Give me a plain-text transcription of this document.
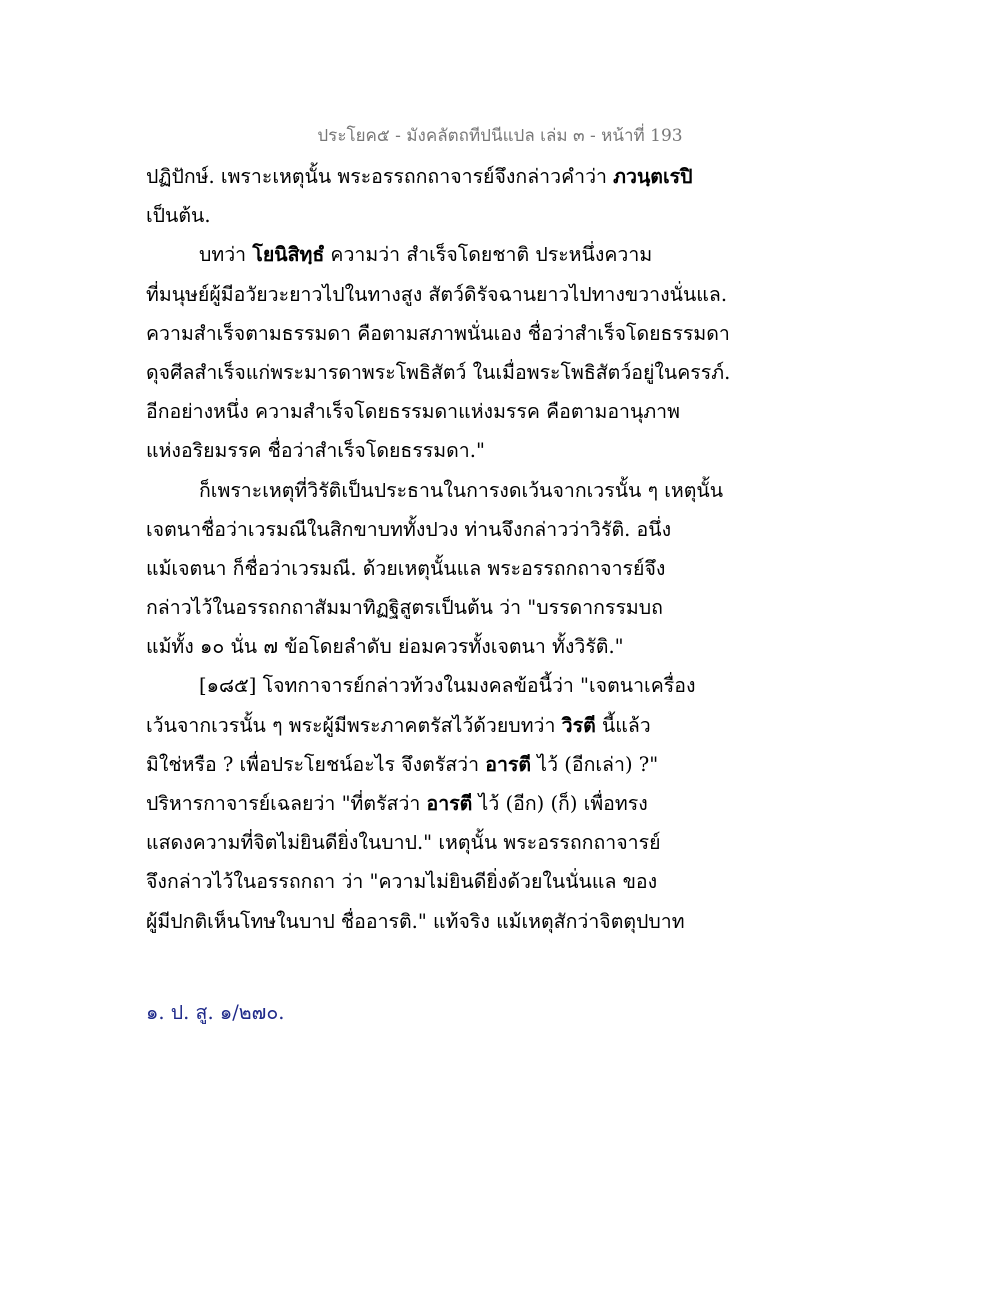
ประโยค๕ - มังคลัตถทีปนีแปล เล่ม ๓ - หน้าที่ 193
ปฏิปักษ์. เพราะเหตุนั้น พระอรรถกถาจารย์จึงกล่าวคำว่า ภวนฺตเรปิ
เป็นต้น.
บทว่า โยนิสิทฺธํ ความว่า สำเร็จโดยชาติ ประหนึ่งความ
ที่มนุษย์ผู้มีอวัยวะยาวไปในทางสูง สัตว์ดิรัจฉานยาวไปทางขวางนั่นแล.
ความสำเร็จตามธรรมดา คือตามสภาพนั่นเอง ชื่อว่าสำเร็จโดยธรรมดา
ดุจศีลสำเร็จแก่พระมารดาพระโพธิสัตว์ ในเมื่อพระโพธิสัตว์อยู่ในครรภ์.
อีกอย่างหนึ่ง ความสำเร็จโดยธรรมดาแห่งมรรค คือตามอานุภาพ
แห่งอริยมรรค ชื่อว่าสำเร็จโดยธรรมดา."
ก็เพราะเหตุที่วิรัติเป็นประธานในการงดเว้นจากเวรนั้น ๆ เหตุนั้น
เจตนาชื่อว่าเวรมณีในสิกขาบททั้งปวง ท่านจึงกล่าวว่าวิรัติ. อนึ่ง
แม้เจตนา ก็ชื่อว่าเวรมณี. ด้วยเหตุนั้นแล พระอรรถกถาจารย์จึง
กล่าวไว้ในอรรถกถาสัมมาทิฏฐิสูตรเป็นต้น ว่า "บรรดากรรมบถ
แม้ทั้ง ๑๐ นั่น ๗ ข้อโดยลำดับ ย่อมควรทั้งเจตนา ทั้งวิรัติ."
[๑๘๕] โจทกาจารย์กล่าวท้วงในมงคลข้อนี้ว่า "เจตนาเครื่อง
เว้นจากเวรนั้น ๆ พระผู้มีพระภาคตรัสไว้ด้วยบทว่า วิรตี นี้แล้ว
มิใช่หรือ ? เพื่อประโยชน์อะไร จึงตรัสว่า อารตี ไว้ (อีกเล่า) ?"
ปริหารกาจารย์เฉลยว่า "ที่ตรัสว่า อารตี ไว้ (อีก) (ก็) เพื่อทรง
แสดงความที่จิตไม่ยินดียิ่งในบาป." เหตุนั้น พระอรรถกถาจารย์
จึงกล่าวไว้ในอรรถกถา ว่า "ความไม่ยินดียิ่งด้วยในนั่นแล ของ
ผู้มีปกติเห็นโทษในบาป ชื่ออารติ." แท้จริง แม้เหตุสักว่าจิตตุปบาท
๑. ป. สู. ๑/๒๗๐.
